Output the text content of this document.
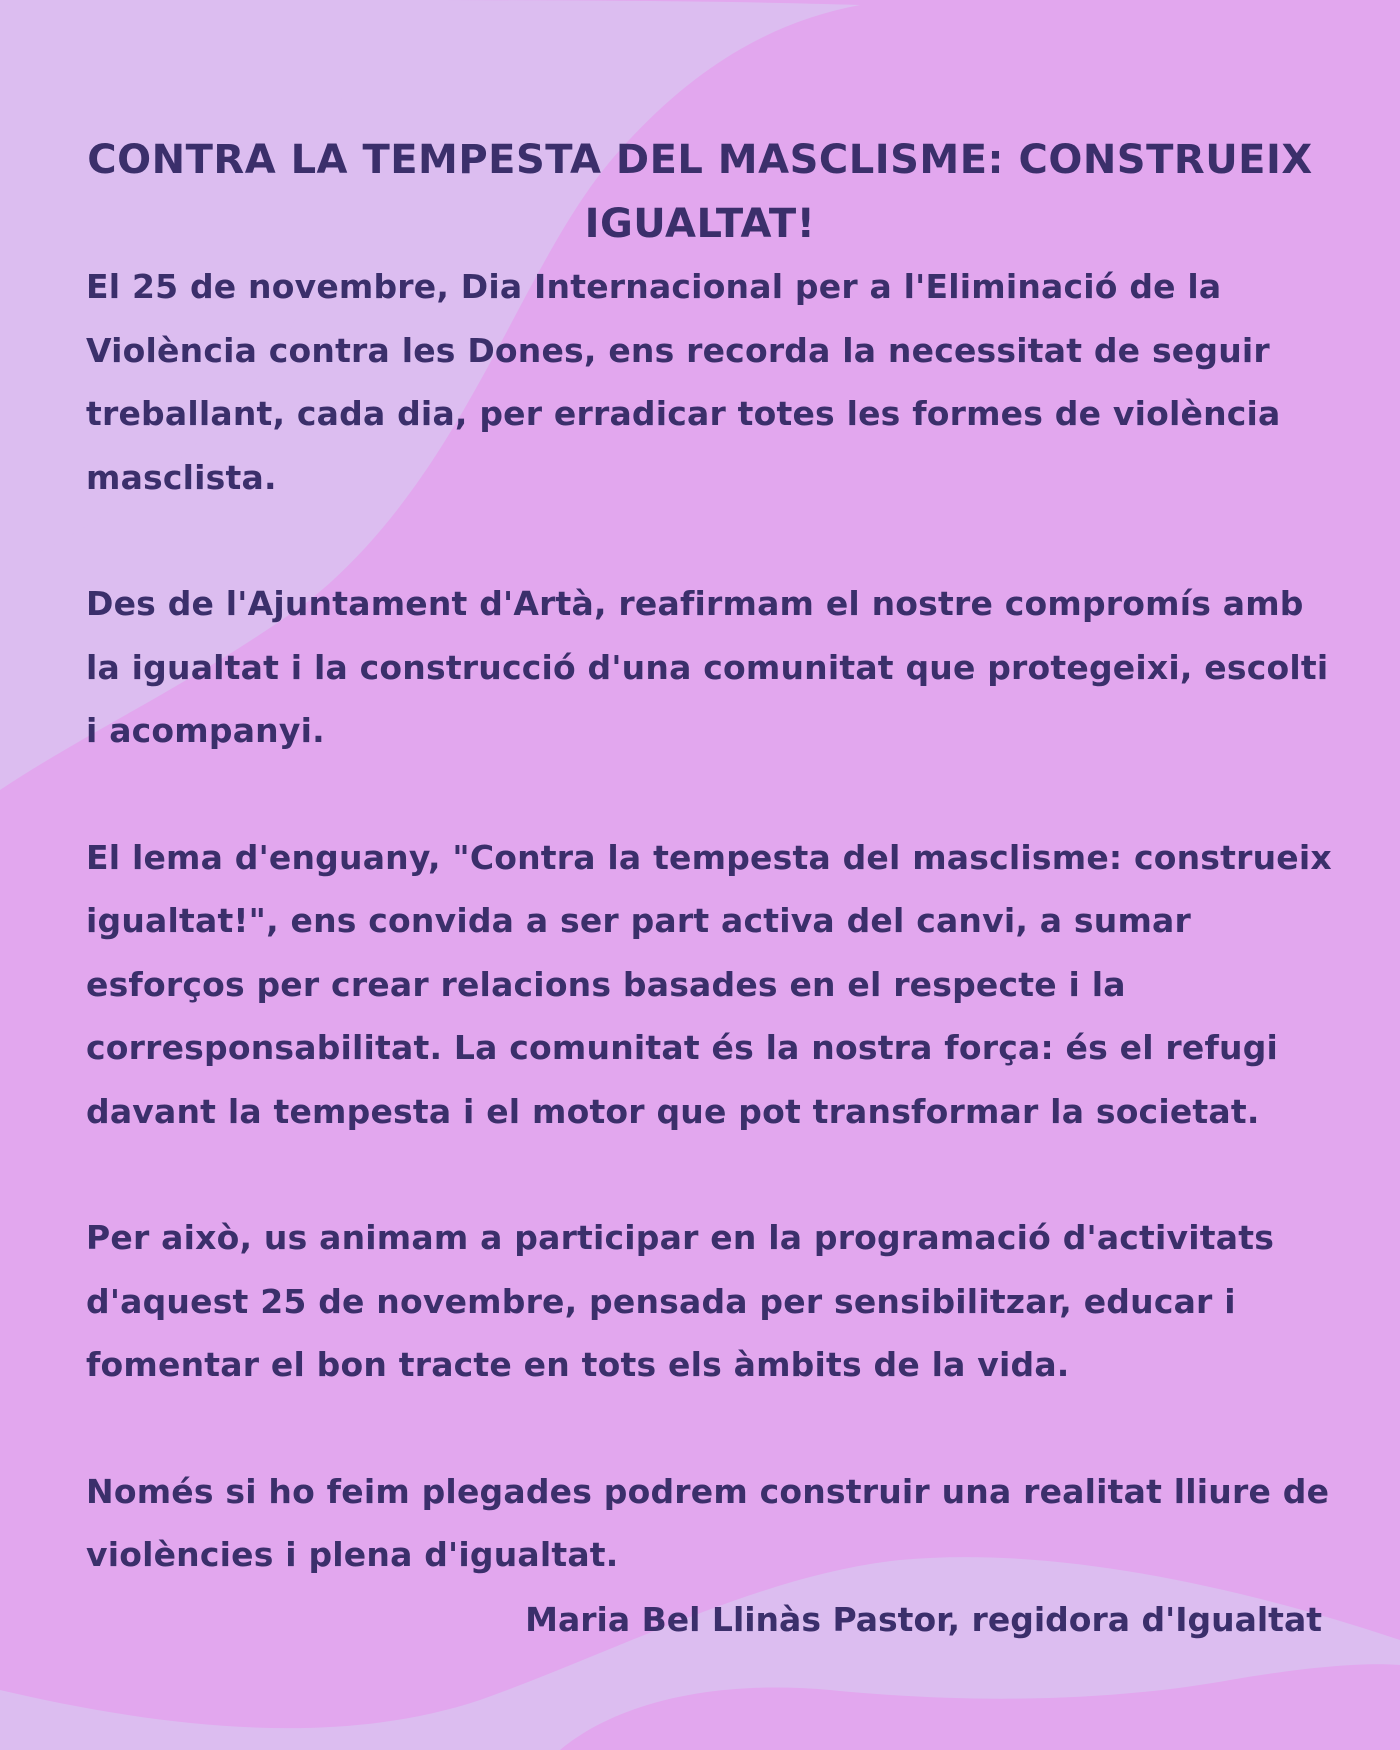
CONTRA LA TEMPESTA DEL MASCLISME: CONSTRUEIX IGUALTAT!

El 25 de novembre, Dia Internacional per a l'Eliminació de la Violència contra les Dones, ens recorda la necessitat de seguir treballant, cada dia, per erradicar totes les formes de violència masclista.

Des de l'Ajuntament d'Artà, reafirmam el nostre compromís amb la igualtat i la construcció d'una comunitat que protegeixi, escolti i acompanyi.

El lema d'enguany, "Contra la tempesta del masclisme: construeix igualtat!", ens convida a ser part activa del canvi, a sumar esforços per crear relacions basades en el respecte i la corresponsabilitat. La comunitat és la nostra força: és el refugi davant la tempesta i el motor que pot transformar la societat.

Per això, us animam a participar en la programació d'activitats d'aquest 25 de novembre, pensada per sensibilitzar, educar i fomentar el bon tracte en tots els àmbits de la vida.

Només si ho feim plegades podrem construir una realitat lliure de violències i plena d'igualtat.

Maria Bel Llinàs Pastor, regidora d'Igualtat
